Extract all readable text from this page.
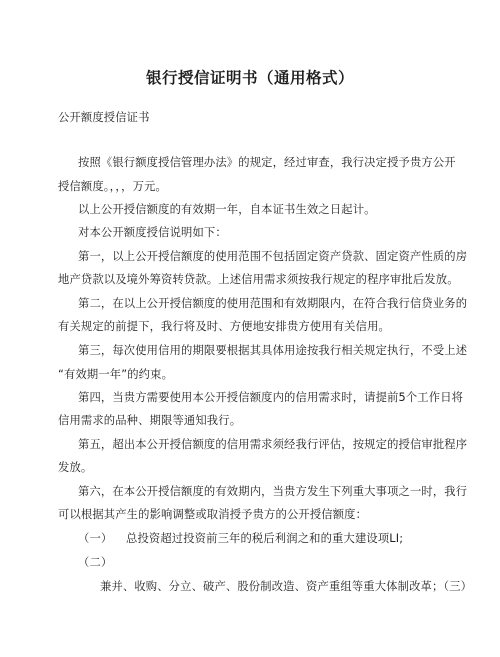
银行授信证明书（通用格式）
公开额度授信证书
按照《银行额度授信管理办法》的规定，经过审查，我行决定授予贵方公开
授信额度。，，，万元。
以上公开授信额度的有效期一年，自本证书生效之日起计。
对本公开额度授信说明如下：
第一，以上公开授信额度的使用范围不包括固定资产贷款、固定资产性质的房
地产贷款以及境外筹资转贷款。上述信用需求须按我行规定的程序审批后发放。
第二，在以上公开授信额度的使用范围和有效期限内，在符合我行信贷业务的
有关规定的前提下，我行将及时、方便地安排贵方使用有关信用。
第三，每次使用信用的期限要根据其具体用途按我行相关规定执行，不受上述
“有效期一年”的约束。
第四，当贵方需要使用本公开授信额度内的信用需求时，请提前5个工作日将
信用需求的品种、期限等通知我行。
第五，超出本公开授信额度的信用需求须经我行评估，按规定的授信审批程序
发放。
第六，在本公开授信额度的有效期内，当贵方发生下列重大事项之一时，我行
可以根据其产生的影响调整或取消授予贵方的公开授信额度：
（一） 总投资超过投资前三年的税后利润之和的重大建设项LI;
（二）
兼并、收购、分立、破产、股份制改造、资产重组等重大体制改革；（三）
